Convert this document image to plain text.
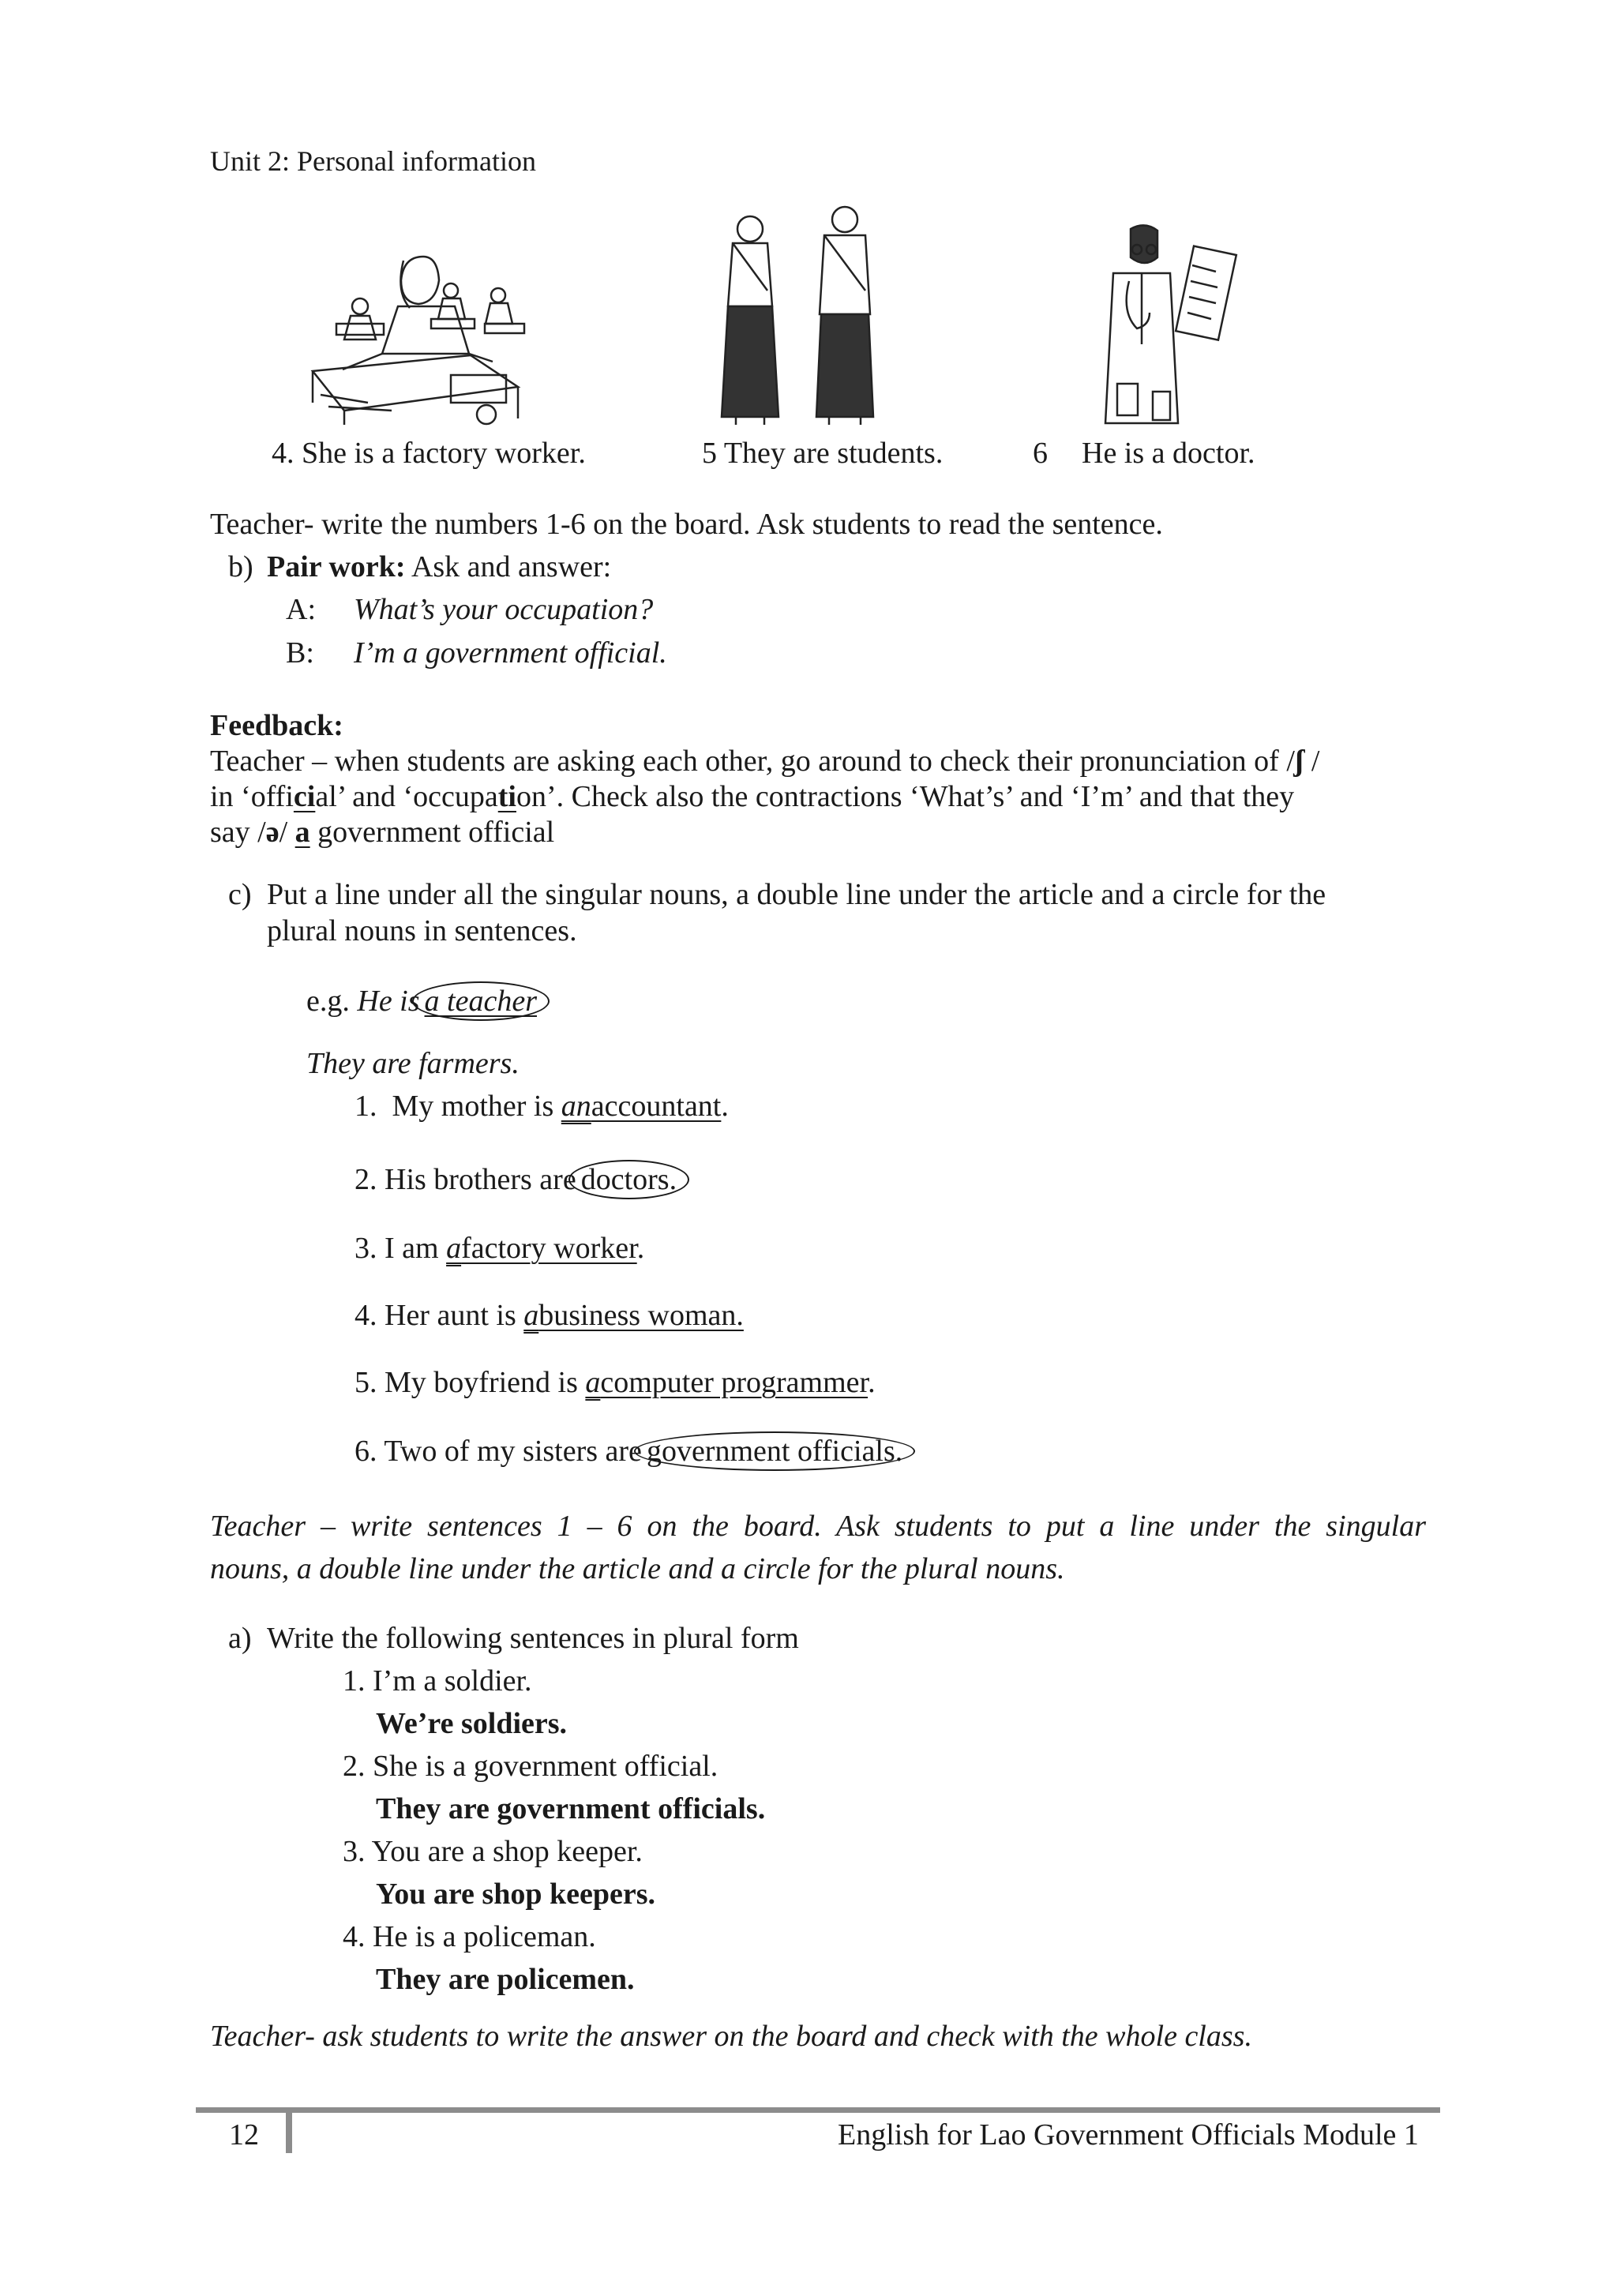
Unit 2: Personal information
4. She is a factory worker.	5 They are students.	6 He is a doctor.
Teacher- write the numbers 1-6 on the board. Ask students to read the sentence.
b) Pair work: Ask and answer:
A: What’s your occupation?
B: I’m a government official.
Feedback:
Teacher – when students are asking each other, go around to check their pronunciation of /ʃ /
in ‘official’ and ‘occupation’. Check also the contractions ‘What’s’ and ‘I’m’ and that they
say /ə/ a government official
c) Put a line under all the singular nouns, a double line under the article and a circle for the
plural nouns in sentences.
e.g. He is a teacher
They are farmers.
1. My mother is anaccountant.
2. His brothers are doctors.
3. I am afactory worker.
4. Her aunt is abusiness woman.
5. My boyfriend is acomputer programmer.
6. Two of my sisters are government officials.
Teacher – write sentences 1 – 6 on the board. Ask students to put a line under the singular
nouns, a double line under the article and a circle for the plural nouns.
a) Write the following sentences in plural form
1. I’m a soldier.
We’re soldiers.
2. She is a government official.
They are government officials.
3. You are a shop keeper.
You are shop keepers.
4. He is a policeman.
They are policemen.
Teacher- ask students to write the answer on the board and check with the whole class.
12	English for Lao Government Officials Module 1
